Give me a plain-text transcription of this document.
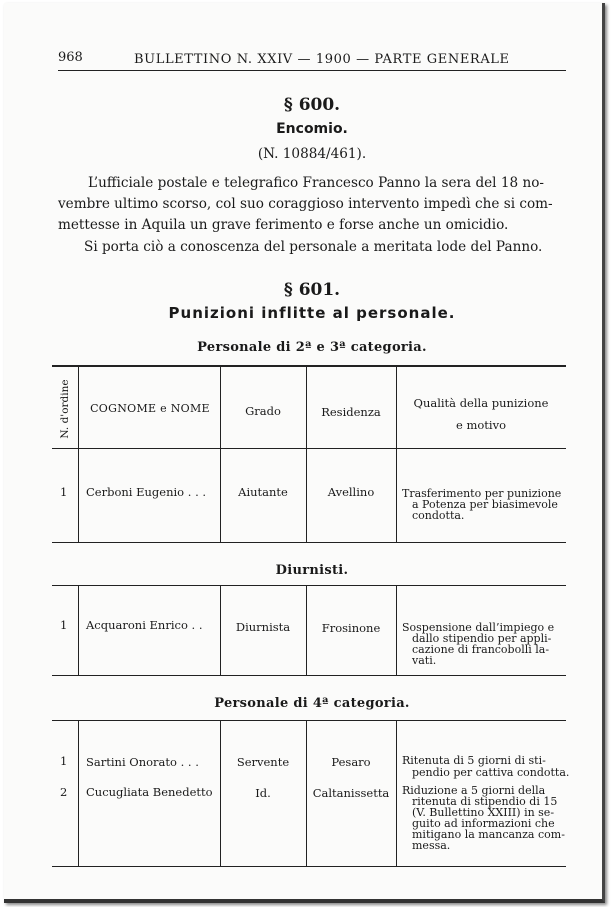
968	BULLETTINO N. XXIV — 1900 — PARTE GENERALE
§ 600.
Encomio.
(N. 10884/461).
L’ufficiale postale e telegrafico Francesco Panno la sera del 18 no-
vembre ultimo scorso, col suo coraggioso intervento impedì che si com-
mettesse in Aquila un grave ferimento e forse anche un omicidio.
Si porta ciò a conoscenza del personale a meritata lode del Panno.
§ 601.
Punizioni inflitte al personale.
Personale di 2ª e 3ª categoria.
N. d'ordine	COGNOME e NOME	Grado	Residenza
Qualità della punizione
e motivo
1 Cerboni Eugenio . . .	Aiutante	Avellino	Trasferimento per punizione
a Potenza per biasimevole
condotta.
Diurnisti.
1 Acquaroni Enrico . .	Diurnista	Frosinone	Sospensione dall’impiego e
dallo stipendio per appli-
cazione di francobolli la-
vati.
Personale di 4ª categoria.
1 Sartini Onorato . . .	Servente	Pesaro	Ritenuta di 5 giorni di sti-
pendio per cattiva condotta.
2 Cucugliata Benedetto	Id.	Caltanissetta	Riduzione a 5 giorni della
ritenuta di stipendio di 15
(V. Bullettino XXIII) in se-
guito ad informazioni che
mitigano la mancanza com-
messa.
